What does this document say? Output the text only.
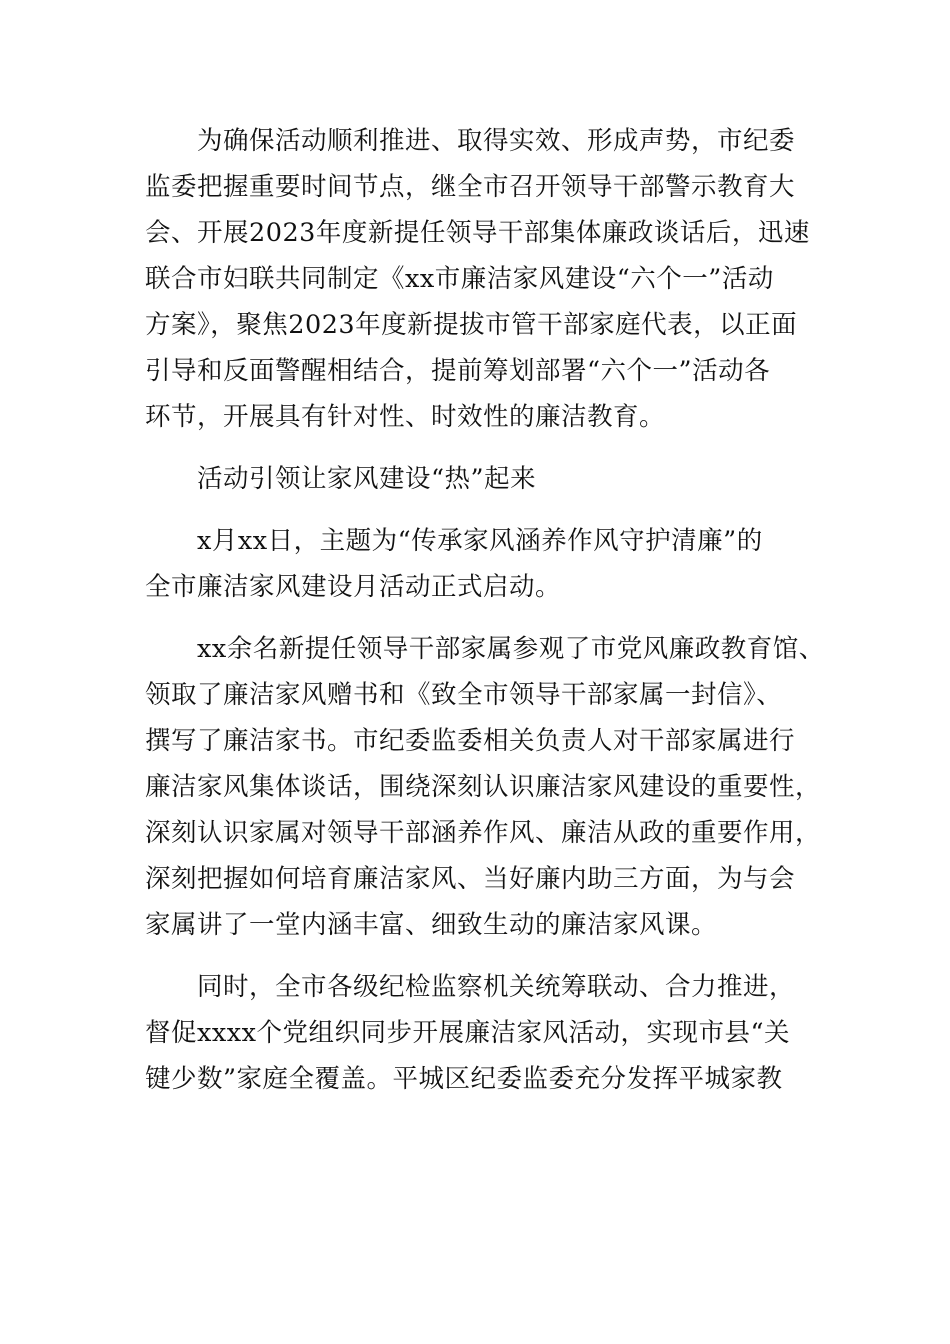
为确保活动顺利推进、取得实效、形成声势，市纪委
监委把握重要时间节点，继全市召开领导干部警示教育大
会、开展2023年度新提任领导干部集体廉政谈话后，迅速
联合市妇联共同制定《xx市廉洁家风建设“六个一”活动
方案》，聚焦2023年度新提拔市管干部家庭代表，以正面
引导和反面警醒相结合，提前筹划部署“六个一”活动各
环节，开展具有针对性、时效性的廉洁教育。
活动引领让家风建设“热”起来
x月xx日，主题为“传承家风涵养作风守护清廉”的
全市廉洁家风建设月活动正式启动。
xx余名新提任领导干部家属参观了市党风廉政教育馆、
领取了廉洁家风赠书和《致全市领导干部家属一封信》、
撰写了廉洁家书。市纪委监委相关负责人对干部家属进行
廉洁家风集体谈话，围绕深刻认识廉洁家风建设的重要性，
深刻认识家属对领导干部涵养作风、廉洁从政的重要作用，
深刻把握如何培育廉洁家风、当好廉内助三方面，为与会
家属讲了一堂内涵丰富、细致生动的廉洁家风课。
同时，全市各级纪检监察机关统筹联动、合力推进，
督促xxxx个党组织同步开展廉洁家风活动，实现市县“关
键少数”家庭全覆盖。平城区纪委监委充分发挥平城家教
